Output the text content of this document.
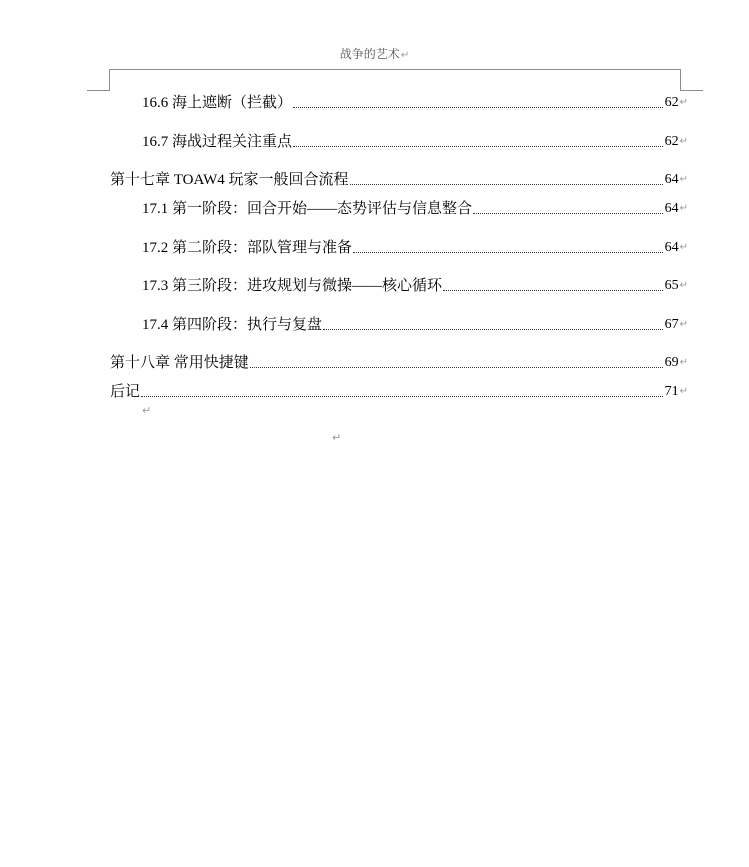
战争的艺术↵
16.6 海上遮断（拦截）	62 ↵
16.7 海战过程关注重点	62 ↵
第十七章 TOAW4 玩家一般回合流程	64 ↵
17.1 第一阶段：回合开始——态势评估与信息整合	64 ↵
17.2 第二阶段：部队管理与准备	64 ↵
17.3 第三阶段：进攻规划与微操——核心循环	65 ↵
17.4 第四阶段：执行与复盘	67 ↵
第十八章 常用快捷键	69 ↵
后记	71 ↵
↵
↵
